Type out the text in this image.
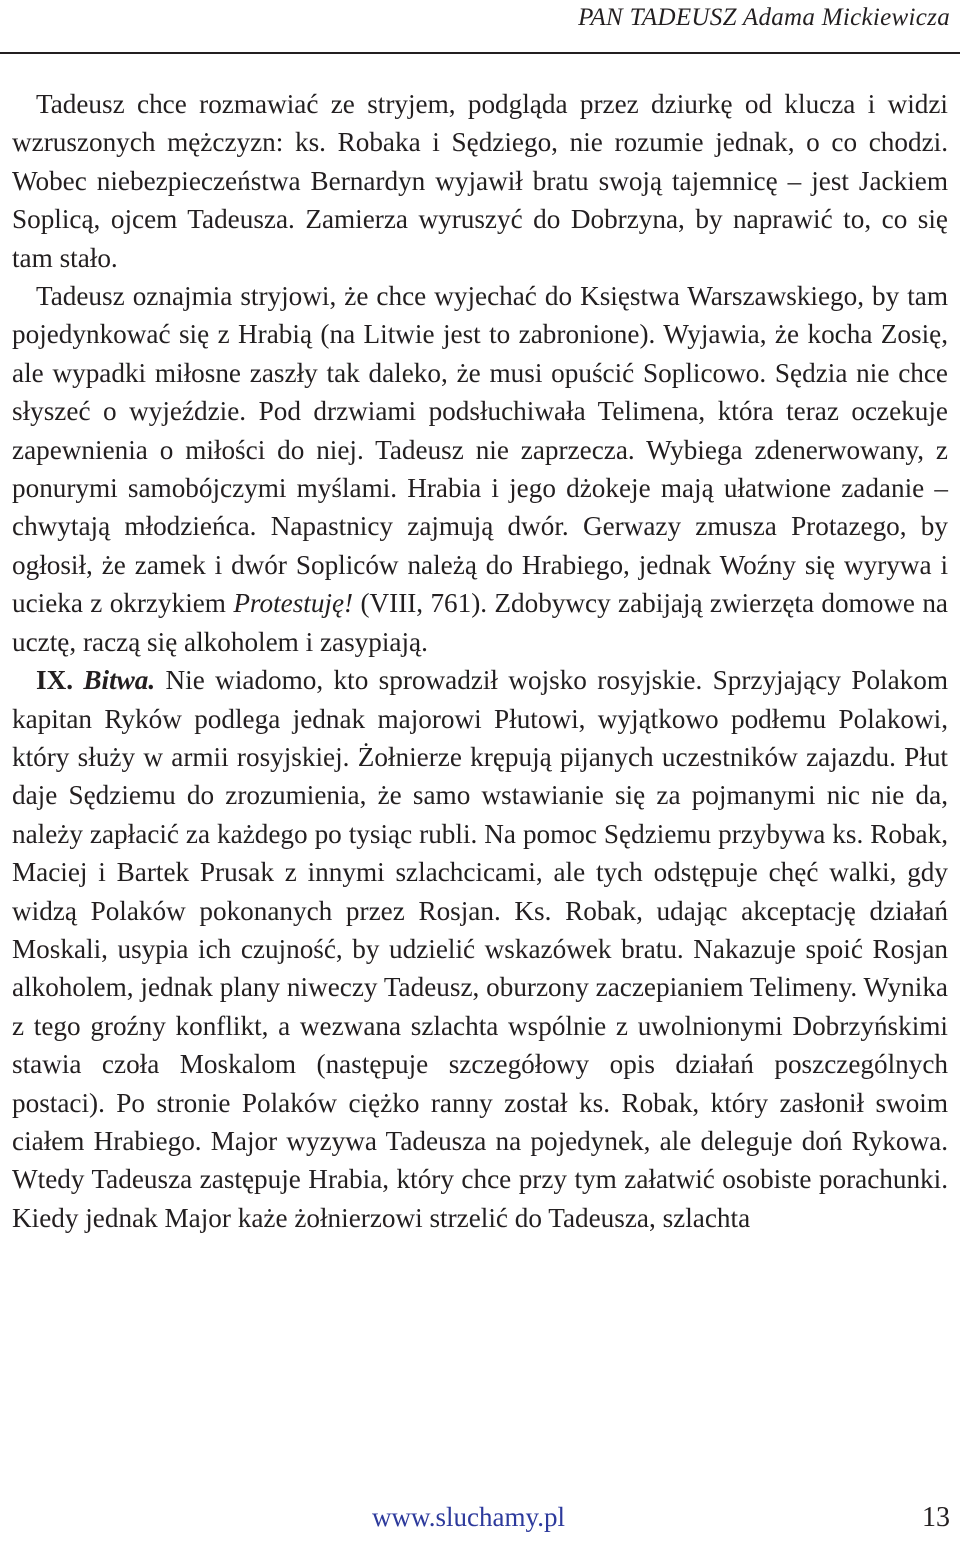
PAN TADEUSZ Adama Mickiewicza

Tadeusz chce rozmawiać ze stryjem, podgląda przez dziurkę od klucza i widzi wzruszonych mężczyzn: ks. Robaka i Sędziego, nie rozumie jednak, o co chodzi. Wobec niebezpieczeństwa Bernardyn wyjawił bratu swoją tajemnicę – jest Jackiem Soplicą, ojcem Tadeusza. Zamierza wyruszyć do Dobrzyna, by naprawić to, co się tam stało.

Tadeusz oznajmia stryjowi, że chce wyjechać do Księstwa Warszawskiego, by tam pojedynkować się z Hrabią (na Litwie jest to zabronione). Wyjawia, że kocha Zosię, ale wypadki miłosne zaszły tak daleko, że musi opuścić Soplicowo. Sędzia nie chce słyszeć o wyjeździe. Pod drzwiami podsłuchiwała Telimena, która teraz oczekuje zapewnienia o miłości do niej. Tadeusz nie zaprzecza. Wybiega zdenerwowany, z ponurymi samobójczymi myślami. Hrabia i jego dżokeje mają ułatwione zadanie – chwytają młodzieńca. Napastnicy zajmują dwór. Gerwazy zmusza Protazego, by ogłosił, że zamek i dwór Sopliców należą do Hrabiego, jednak Woźny się wyrywa i ucieka z okrzykiem Protestuję! (VIII, 761). Zdobywcy zabijają zwierzęta domowe na ucztę, raczą się alkoholem i zasypiają.

IX. Bitwa. Nie wiadomo, kto sprowadził wojsko rosyjskie. Sprzyjający Polakom kapitan Ryków podlega jednak majorowi Płutowi, wyjątkowo podłemu Polakowi, który służy w armii rosyjskiej. Żołnierze krępują pijanych uczestników zajazdu. Płut daje Sędziemu do zrozumienia, że samo wstawianie się za pojmanymi nic nie da, należy zapłacić za każdego po tysiąc rubli. Na pomoc Sędziemu przybywa ks. Robak, Maciej i Bartek Prusak z innymi szlachcicami, ale tych odstępuje chęć walki, gdy widzą Polaków pokonanych przez Rosjan. Ks. Robak, udając akceptację działań Moskali, usypia ich czujność, by udzielić wskazówek bratu. Nakazuje spoić Rosjan alkoholem, jednak plany niweczy Tadeusz, oburzony zaczepianiem Telimeny. Wynika z tego groźny konflikt, a wezwana szlachta wspólnie z uwolnionymi Dobrzyńskimi stawia czoła Moskalom (następuje szczegółowy opis działań poszczególnych postaci). Po stronie Polaków ciężko ranny został ks. Robak, który zasłonił swoim ciałem Hrabiego. Major wyzywa Tadeusza na pojedynek, ale deleguje doń Rykowa. Wtedy Tadeusza zastępuje Hrabia, który chce przy tym załatwić osobiste porachunki. Kiedy jednak Major każe żołnierzowi strzelić do Tadeusza, szlachta

www.sluchamy.pl	13
